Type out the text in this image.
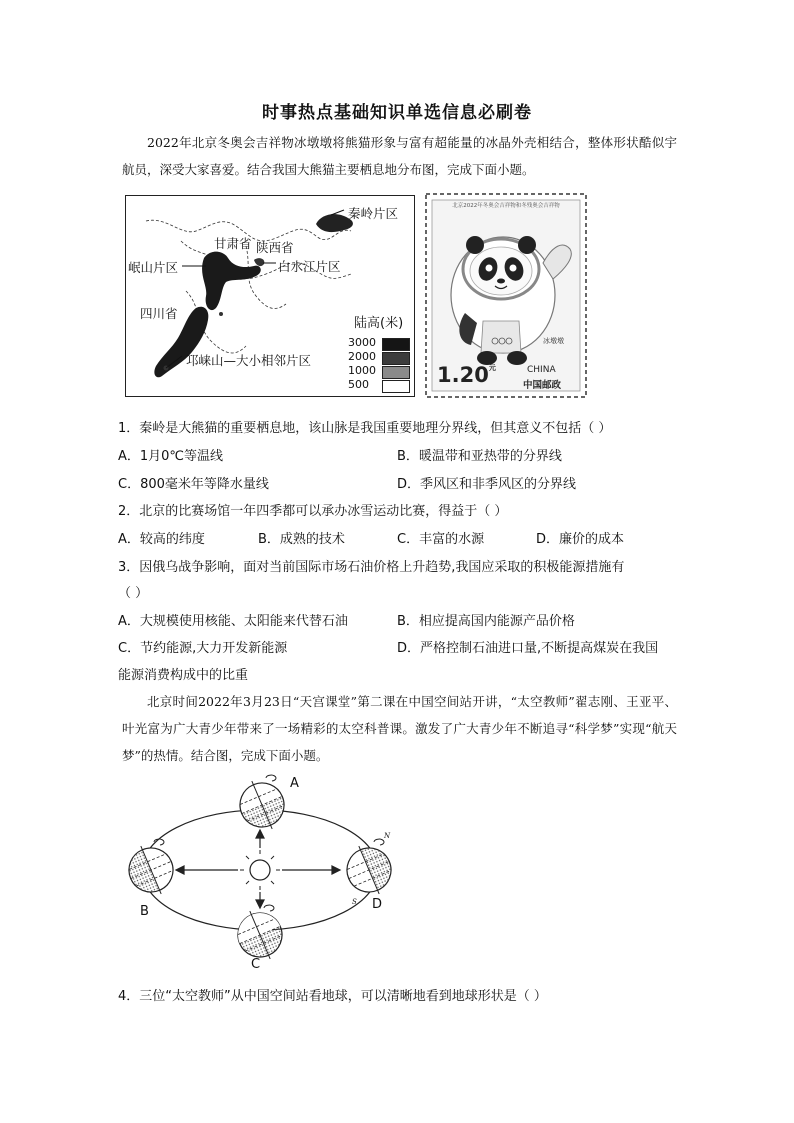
时事热点基础知识单选信息必刷卷
2022年北京冬奥会吉祥物冰墩墩将熊猫形象与富有超能量的冰晶外壳相结合，整体形状酷似宇航员，深受大家喜爱。结合我国大熊猫主要栖息地分布图，完成下面小题。
秦岭片区
甘肃省 陕西省
岷山片区	白水江片区
四川省
邛崃山—大小相邻片区
陆高(米)
3000
2000
1000
500
北京2022年冬奥会吉祥物和冬残奥会吉祥物
冰墩墩
$1.20^元$	CHINA
中国邮政
1．秦岭是大熊猫的重要栖息地，该山脉是我国重要地理分界线，但其意义不包括（ ）
A．1月0℃等温线	B．暖温带和亚热带的分界线
C．800毫米年等降水量线	D．季风区和非季风区的分界线
2．北京的比赛场馆一年四季都可以承办冰雪运动比赛，得益于（ ）
A．较高的纬度	B．成熟的技术	C．丰富的水源	D．廉价的成本
3．因俄乌战争影响，面对当前国际市场石油价格上升趋势,我国应采取的积极能源措施有
（ ）
A．大规模使用核能、太阳能来代替石油	B．相应提高国内能源产品价格
C．节约能源,大力开发新能源	D．严格控制石油进口量,不断提高煤炭在我国
能源消费构成中的比重
北京时间2022年3月23日“天宫课堂”第二课在中国空间站开讲，“太空教师”翟志刚、王亚平、叶光富为广大青少年带来了一场精彩的太空科普课。激发了广大青少年不断追寻“科学梦”实现“航天梦”的热情。结合图，完成下面小题。
A
B
C
D
N
S
4．三位“太空教师”从中国空间站看地球，可以清晰地看到地球形状是（ ）
